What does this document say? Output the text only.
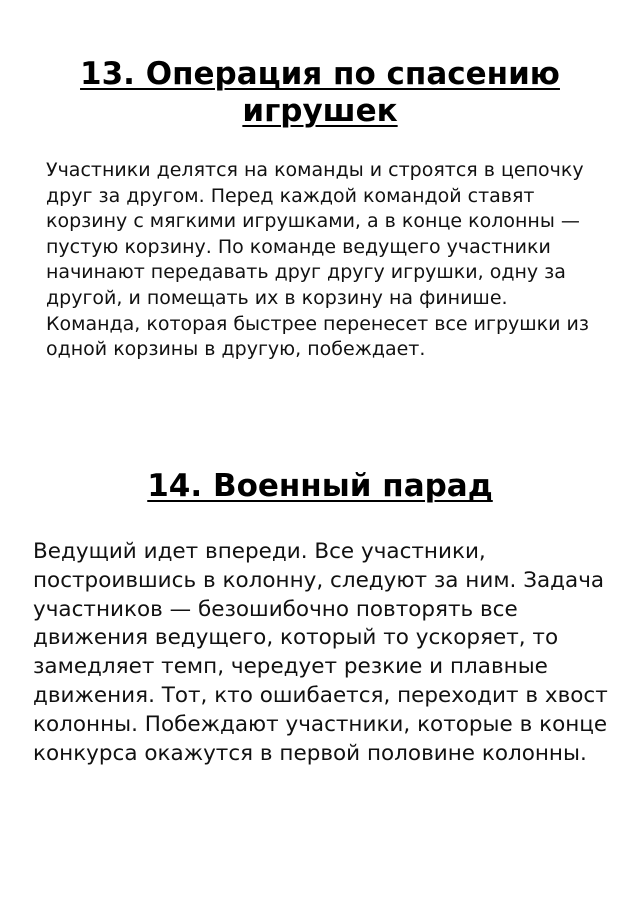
13. Операция по спасению игрушек

Участники делятся на команды и строятся в цепочку друг за другом. Перед каждой командой ставят корзину с мягкими игрушками, а в конце колонны — пустую корзину. По команде ведущего участники начинают передавать друг другу игрушки, одну за другой, и помещать их в корзину на финише. Команда, которая быстрее перенесет все игрушки из одной корзины в другую, побеждает.

14. Военный парад

Ведущий идет впереди. Все участники, построившись в колонну, следуют за ним. Задача участников — безошибочно повторять все движения ведущего, который то ускоряет, то замедляет темп, чередует резкие и плавные движения. Тот, кто ошибается, переходит в хвост колонны. Побеждают участники, которые в конце конкурса окажутся в первой половине колонны.
